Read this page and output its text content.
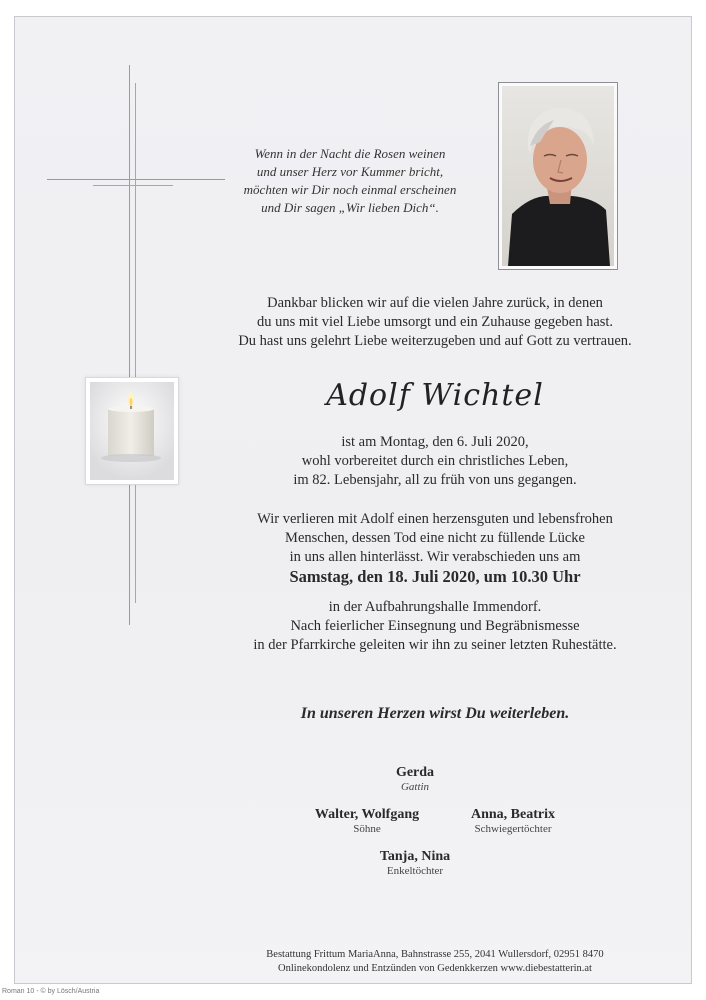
Wenn in der Nacht die Rosen weinen
und unser Herz vor Kummer bricht,
möchten wir Dir noch einmal erscheinen
und Dir sagen „Wir lieben Dich“.
Dankbar blicken wir auf die vielen Jahre zurück, in denen
du uns mit viel Liebe umsorgt und ein Zuhause gegeben hast.
Du hast uns gelehrt Liebe weiterzugeben und auf Gott zu vertrauen.
Adolf Wichtel
ist am Montag, den 6. Juli 2020,
wohl vorbereitet durch ein christliches Leben,
im 82. Lebensjahr, all zu früh von uns gegangen.
Wir verlieren mit Adolf einen herzensguten und lebensfrohen
Menschen, dessen Tod eine nicht zu füllende Lücke
in uns allen hinterlässt. Wir verabschieden uns am
Samstag, den 18. Juli 2020, um 10.30 Uhr
in der Aufbahrungshalle Immendorf.
Nach feierlicher Einsegnung und Begräbnismesse
in der Pfarrkirche geleiten wir ihn zu seiner letzten Ruhestätte.
In unseren Herzen wirst Du weiterleben.
Gerda
Gattin
Walter, Wolfgang
Söhne
Anna, Beatrix
Schwiegertöchter
Tanja, Nina
Enkeltöchter
Bestattung Frittum MariaAnna, Bahnstrasse 255, 2041 Wullersdorf, 02951 8470
Onlinekondolenz und Entzünden von Gedenkkerzen www.diebestatterin.at
Roman 10 - © by Lösch/Austria
